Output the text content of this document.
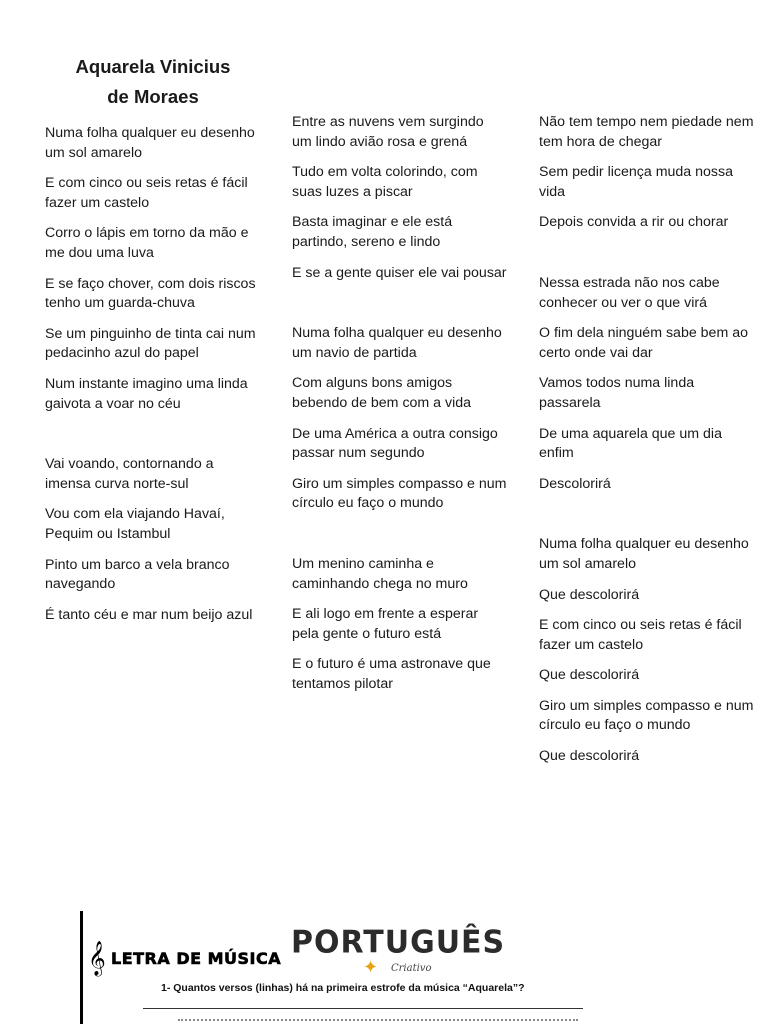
Aquarela Vinicius
de Moraes

Numa folha qualquer eu desenho um sol amarelo

E com cinco ou seis retas é fácil fazer um castelo

Corro o lápis em torno da mão e me dou uma luva

E se faço chover, com dois riscos tenho um guarda-chuva

Se um pinguinho de tinta cai num pedacinho azul do papel

Num instante imagino uma linda gaivota a voar no céu

Vai voando, contornando a imensa curva norte-sul

Vou com ela viajando Havaí, Pequim ou Istambul

Pinto um barco a vela branco navegando

É tanto céu e mar num beijo azul

Entre as nuvens vem surgindo um lindo avião rosa e grená

Tudo em volta colorindo, com suas luzes a piscar

Basta imaginar e ele está partindo, sereno e lindo

E se a gente quiser ele vai pousar

Numa folha qualquer eu desenho um navio de partida

Com alguns bons amigos bebendo de bem com a vida

De uma América a outra consigo passar num segundo

Giro um simples compasso e num círculo eu faço o mundo

Um menino caminha e caminhando chega no muro

E ali logo em frente a esperar pela gente o futuro está

E o futuro é uma astronave que tentamos pilotar

Não tem tempo nem piedade nem tem hora de chegar

Sem pedir licença muda nossa vida

Depois convida a rir ou chorar

Nessa estrada não nos cabe conhecer ou ver o que virá

O fim dela ninguém sabe bem ao certo onde vai dar

Vamos todos numa linda passarela

De uma aquarela que um dia enfim

Descolorirá

Numa folha qualquer eu desenho um sol amarelo

Que descolorirá

E com cinco ou seis retas é fácil fazer um castelo

Que descolorirá

Giro um simples compasso e num círculo eu faço o mundo

Que descolorirá

𝄞 LETRA DE MÚSICA PORTUGUÊS
✦ Criativo
1- Quantos versos (linhas) há na primeira estrofe da música “Aquarela”?
